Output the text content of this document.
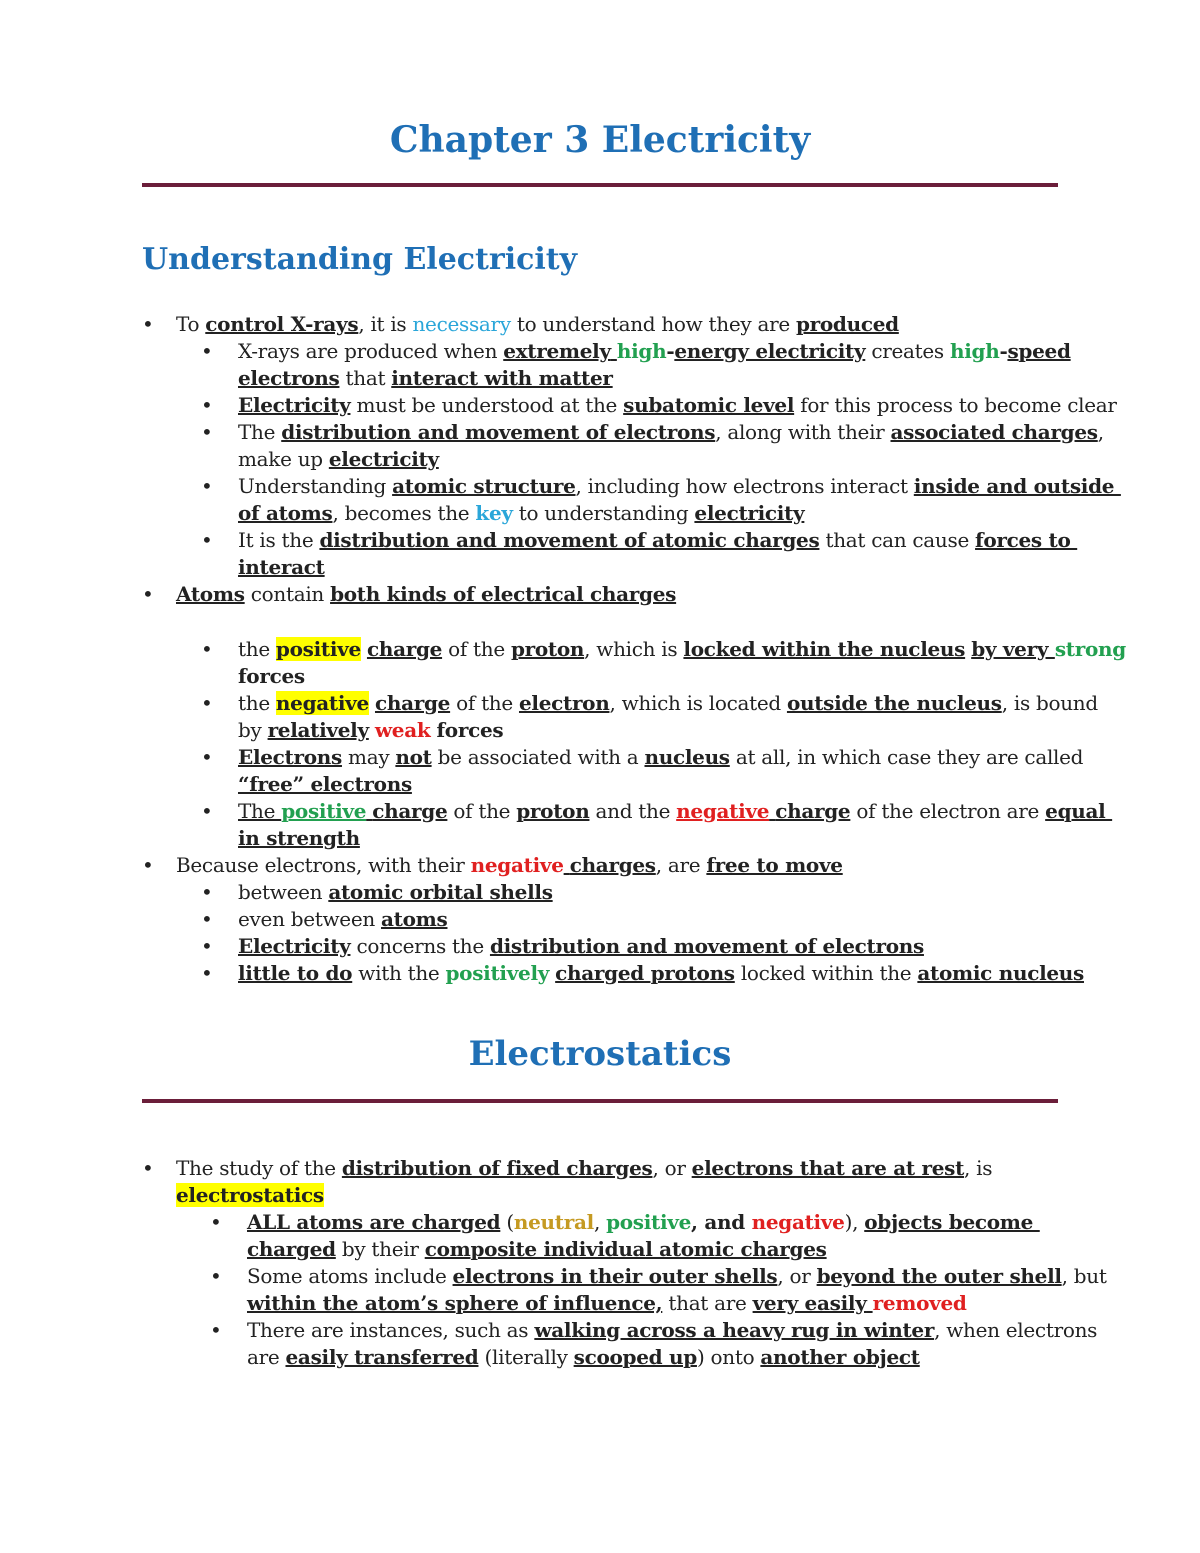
Chapter 3 Electricity
Understanding Electricity
• To control X-rays, it is necessary to understand how they are produced
• X-rays are produced when extremely high-energy electricity creates high-speed
electrons that interact with matter
• Electricity must be understood at the subatomic level for this process to become clear
• The distribution and movement of electrons, along with their associated charges,
make up electricity
• Understanding atomic structure, including how electrons interact inside and outside
of atoms, becomes the key to understanding electricity
• It is the distribution and movement of atomic charges that can cause forces to
interact
• Atoms contain both kinds of electrical charges
• the positive charge of the proton, which is locked within the nucleus by very strong
forces
• the negative charge of the electron, which is located outside the nucleus, is bound
by relatively weak forces
• Electrons may not be associated with a nucleus at all, in which case they are called
“free” electrons
• The positive charge of the proton and the negative charge of the electron are equal
in strength
• Because electrons, with their negative charges, are free to move
• between atomic orbital shells
• even between atoms
• Electricity concerns the distribution and movement of electrons
• little to do with the positively charged protons locked within the atomic nucleus
Electrostatics
• The study of the distribution of fixed charges, or electrons that are at rest, is
electrostatics
• ALL atoms are charged (neutral, positive, and negative), objects become
charged by their composite individual atomic charges
• Some atoms include electrons in their outer shells, or beyond the outer shell, but
within the atom’s sphere of influence, that are very easily removed
• There are instances, such as walking across a heavy rug in winter, when electrons
are easily transferred (literally scooped up) onto another object
